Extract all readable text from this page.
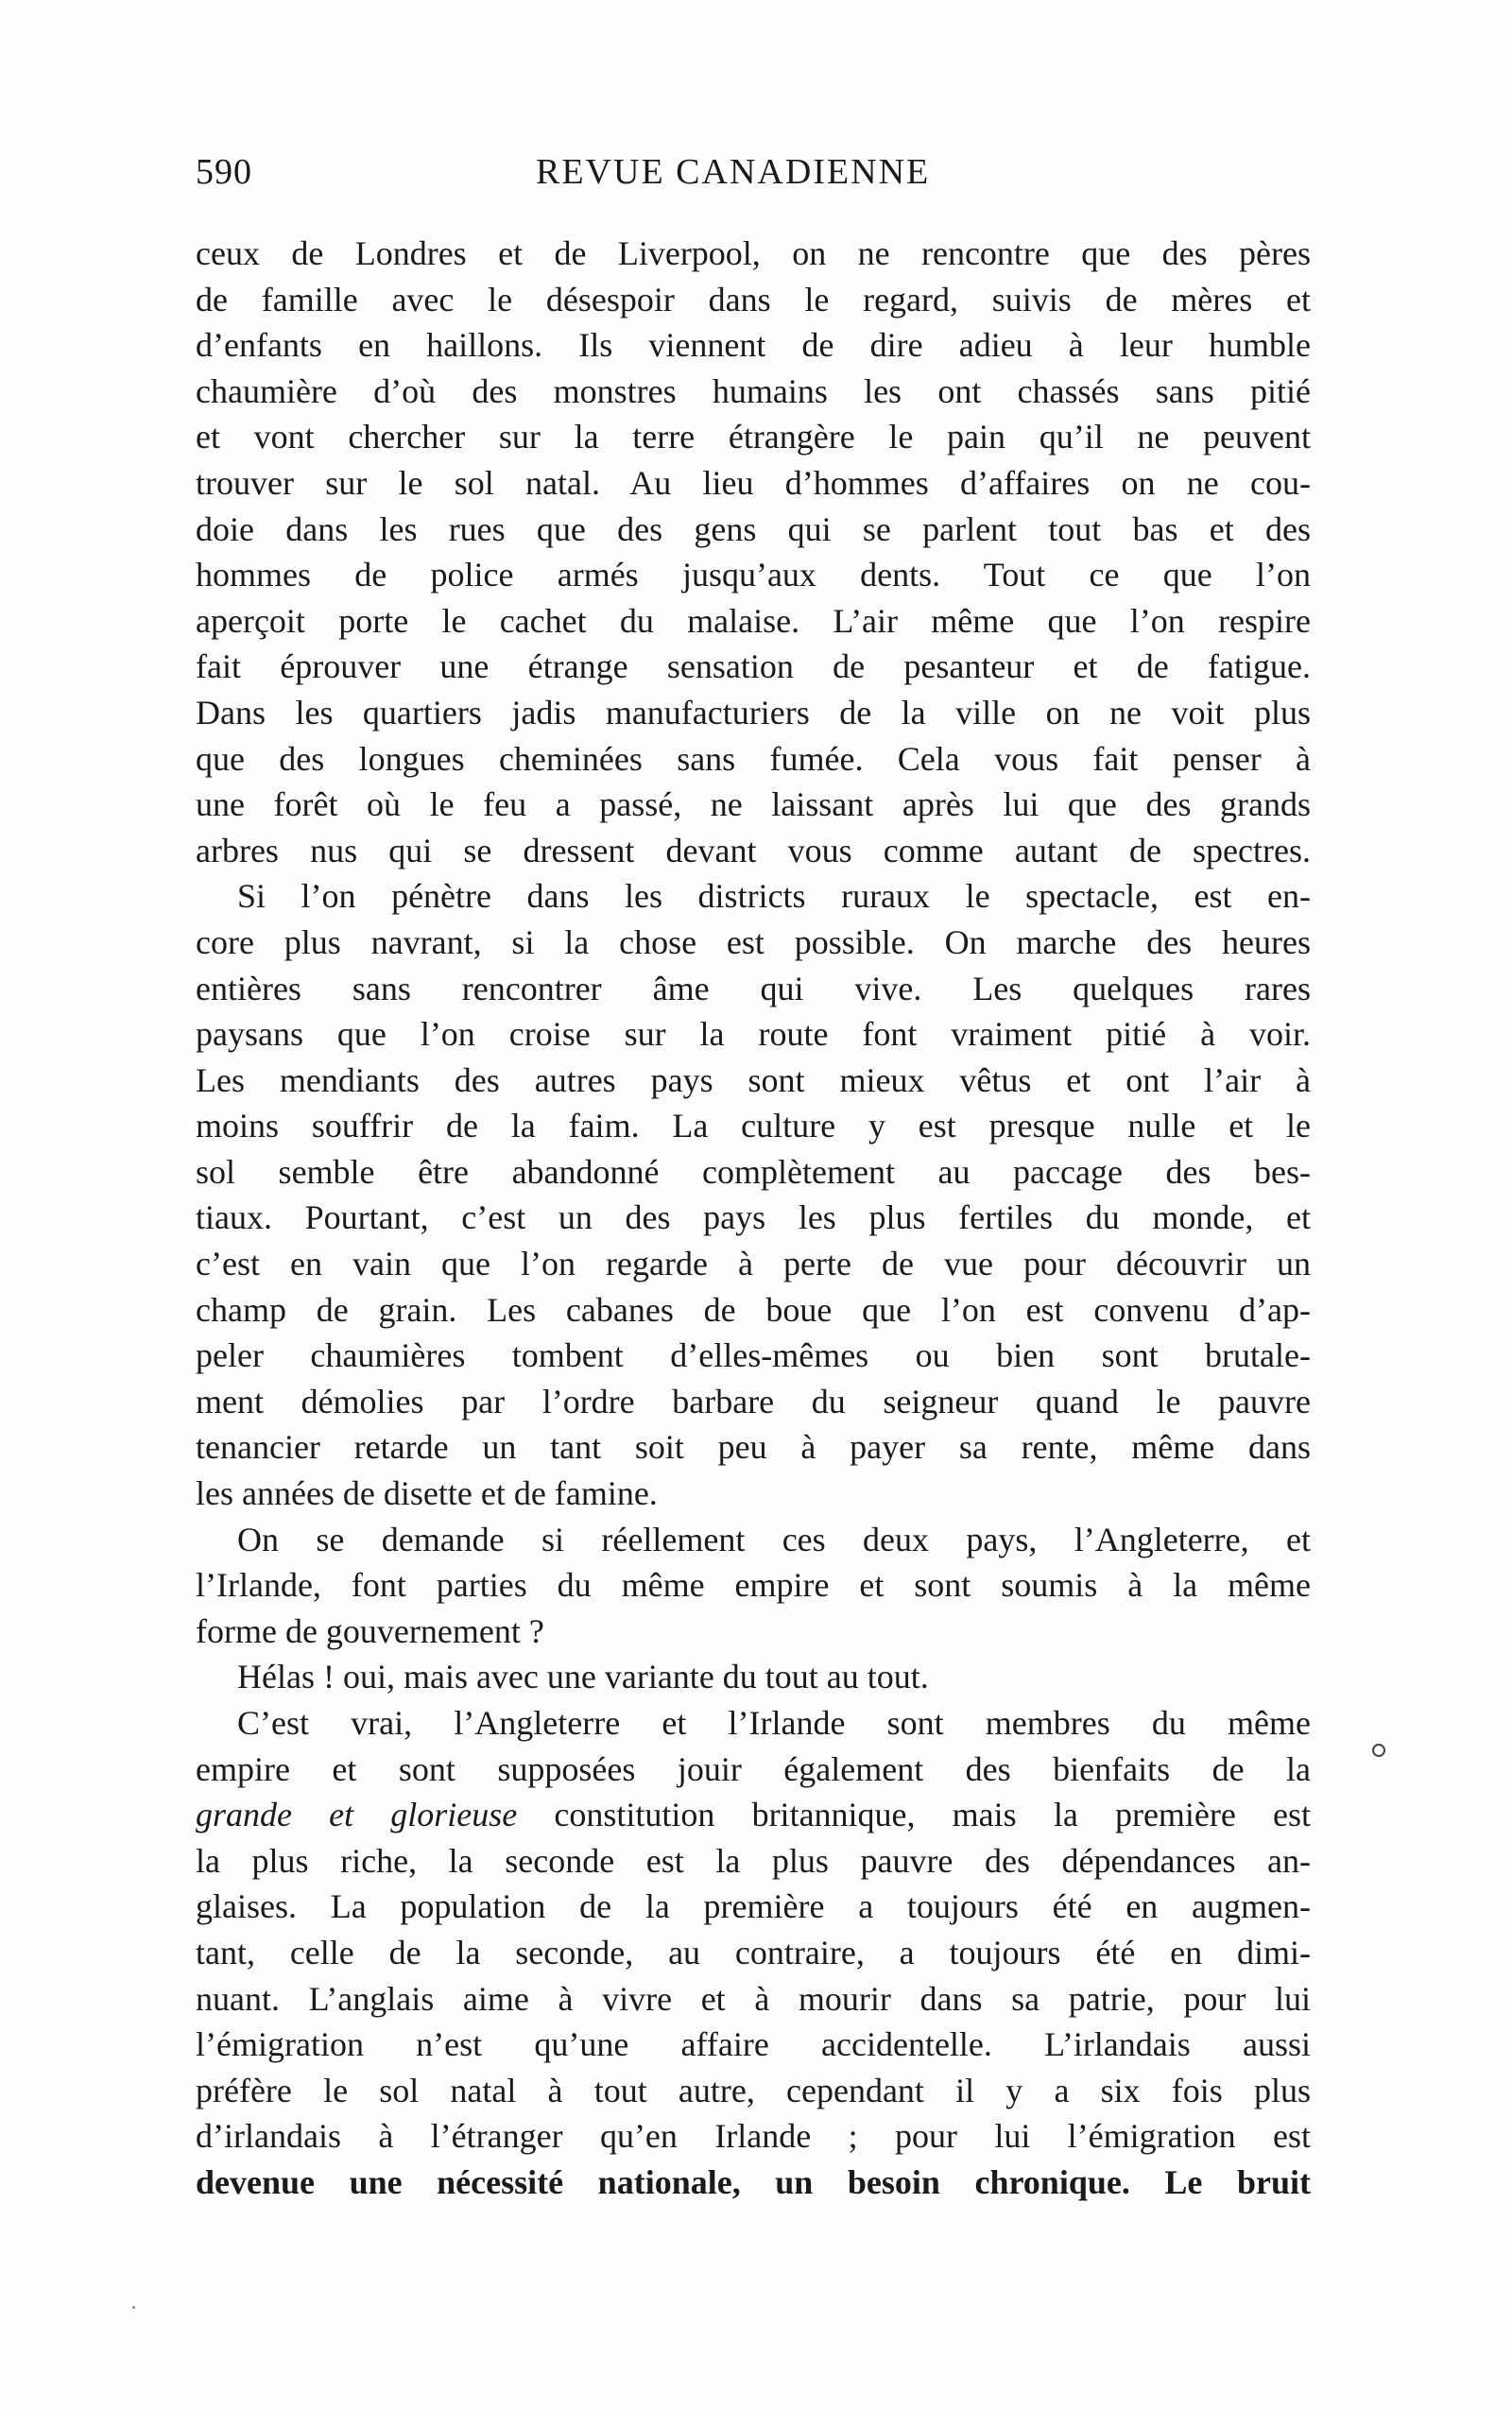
590	REVUE CANADIENNE
ceux de Londres et de Liverpool, on ne rencontre que des pères
de famille avec le désespoir dans le regard, suivis de mères et
d’enfants en haillons. Ils viennent de dire adieu à leur humble
chaumière d’où des monstres humains les ont chassés sans pitié
et vont chercher sur la terre étrangère le pain qu’il ne peuvent
trouver sur le sol natal. Au lieu d’hommes d’affaires on ne cou-
doie dans les rues que des gens qui se parlent tout bas et des
hommes de police armés jusqu’aux dents. Tout ce que l’on
aperçoit porte le cachet du malaise. L’air même que l’on respire
fait éprouver une étrange sensation de pesanteur et de fatigue.
Dans les quartiers jadis manufacturiers de la ville on ne voit plus
que des longues cheminées sans fumée. Cela vous fait penser à
une forêt où le feu a passé, ne laissant après lui que des grands
arbres nus qui se dressent devant vous comme autant de spectres.
Si l’on pénètre dans les districts ruraux le spectacle, est en-
core plus navrant, si la chose est possible. On marche des heures
entières sans rencontrer âme qui vive. Les quelques rares
paysans que l’on croise sur la route font vraiment pitié à voir.
Les mendiants des autres pays sont mieux vêtus et ont l’air à
moins souffrir de la faim. La culture y est presque nulle et le
sol semble être abandonné complètement au paccage des bes-
tiaux. Pourtant, c’est un des pays les plus fertiles du monde, et
c’est en vain que l’on regarde à perte de vue pour découvrir un
champ de grain. Les cabanes de boue que l’on est convenu d’ap-
peler chaumières tombent d’elles-mêmes ou bien sont brutale-
ment démolies par l’ordre barbare du seigneur quand le pauvre
tenancier retarde un tant soit peu à payer sa rente, même dans
les années de disette et de famine.
On se demande si réellement ces deux pays, l’Angleterre, et
l’Irlande, font parties du même empire et sont soumis à la même
forme de gouvernement ?
Hélas ! oui, mais avec une variante du tout au tout.
C’est vrai, l’Angleterre et l’Irlande sont membres du même
empire et sont supposées jouir également des bienfaits de la
grande et glorieuse constitution britannique, mais la première est
la plus riche, la seconde est la plus pauvre des dépendances an-
glaises. La population de la première a toujours été en augmen-
tant, celle de la seconde, au contraire, a toujours été en dimi-
nuant. L’anglais aime à vivre et à mourir dans sa patrie, pour lui
l’émigration n’est qu’une affaire accidentelle. L’irlandais aussi
préfère le sol natal à tout autre, cependant il y a six fois plus
d’irlandais à l’étranger qu’en Irlande ; pour lui l’émigration est
devenue une nécessité nationale, un besoin chronique. Le bruit
